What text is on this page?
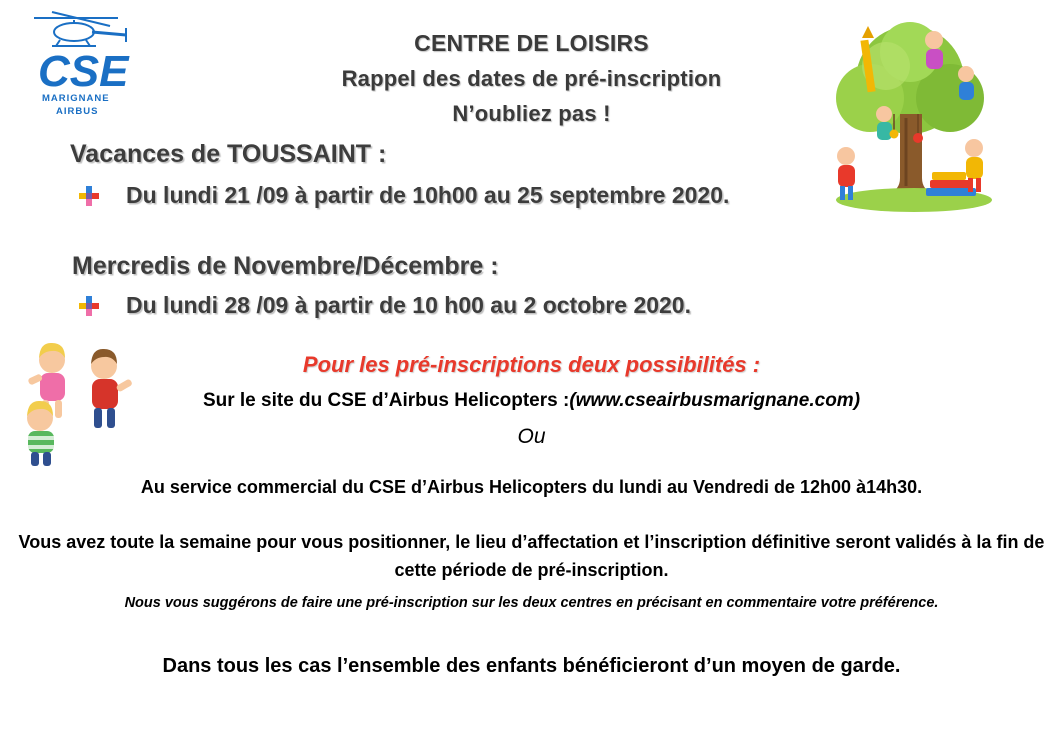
CSE
MARIGNANE
AIRBUS
CENTRE DE LOISIRS
Rappel des dates de pré-inscription
N’oubliez pas !
Vacances de TOUSSAINT :
Du lundi 21 /09 à partir de 10h00 au 25 septembre 2020.
Mercredis de Novembre/Décembre :
Du lundi 28 /09 à partir de 10 h00 au 2 octobre 2020.
Pour les pré-inscriptions deux possibilités :
Sur le site du CSE d’Airbus Helicopters :(www.cseairbusmarignane.com)
Ou
Au service commercial du CSE d’Airbus Helicopters du lundi au Vendredi de 12h00 à14h30.
Vous avez toute la semaine pour vous positionner, le lieu d’affectation et l’inscription définitive seront validés à la fin de cette période de pré-inscription.
Nous vous suggérons de faire une pré-inscription sur les deux centres en précisant en commentaire votre préférence.
Dans tous les cas l’ensemble des enfants bénéficieront d’un moyen de garde.
